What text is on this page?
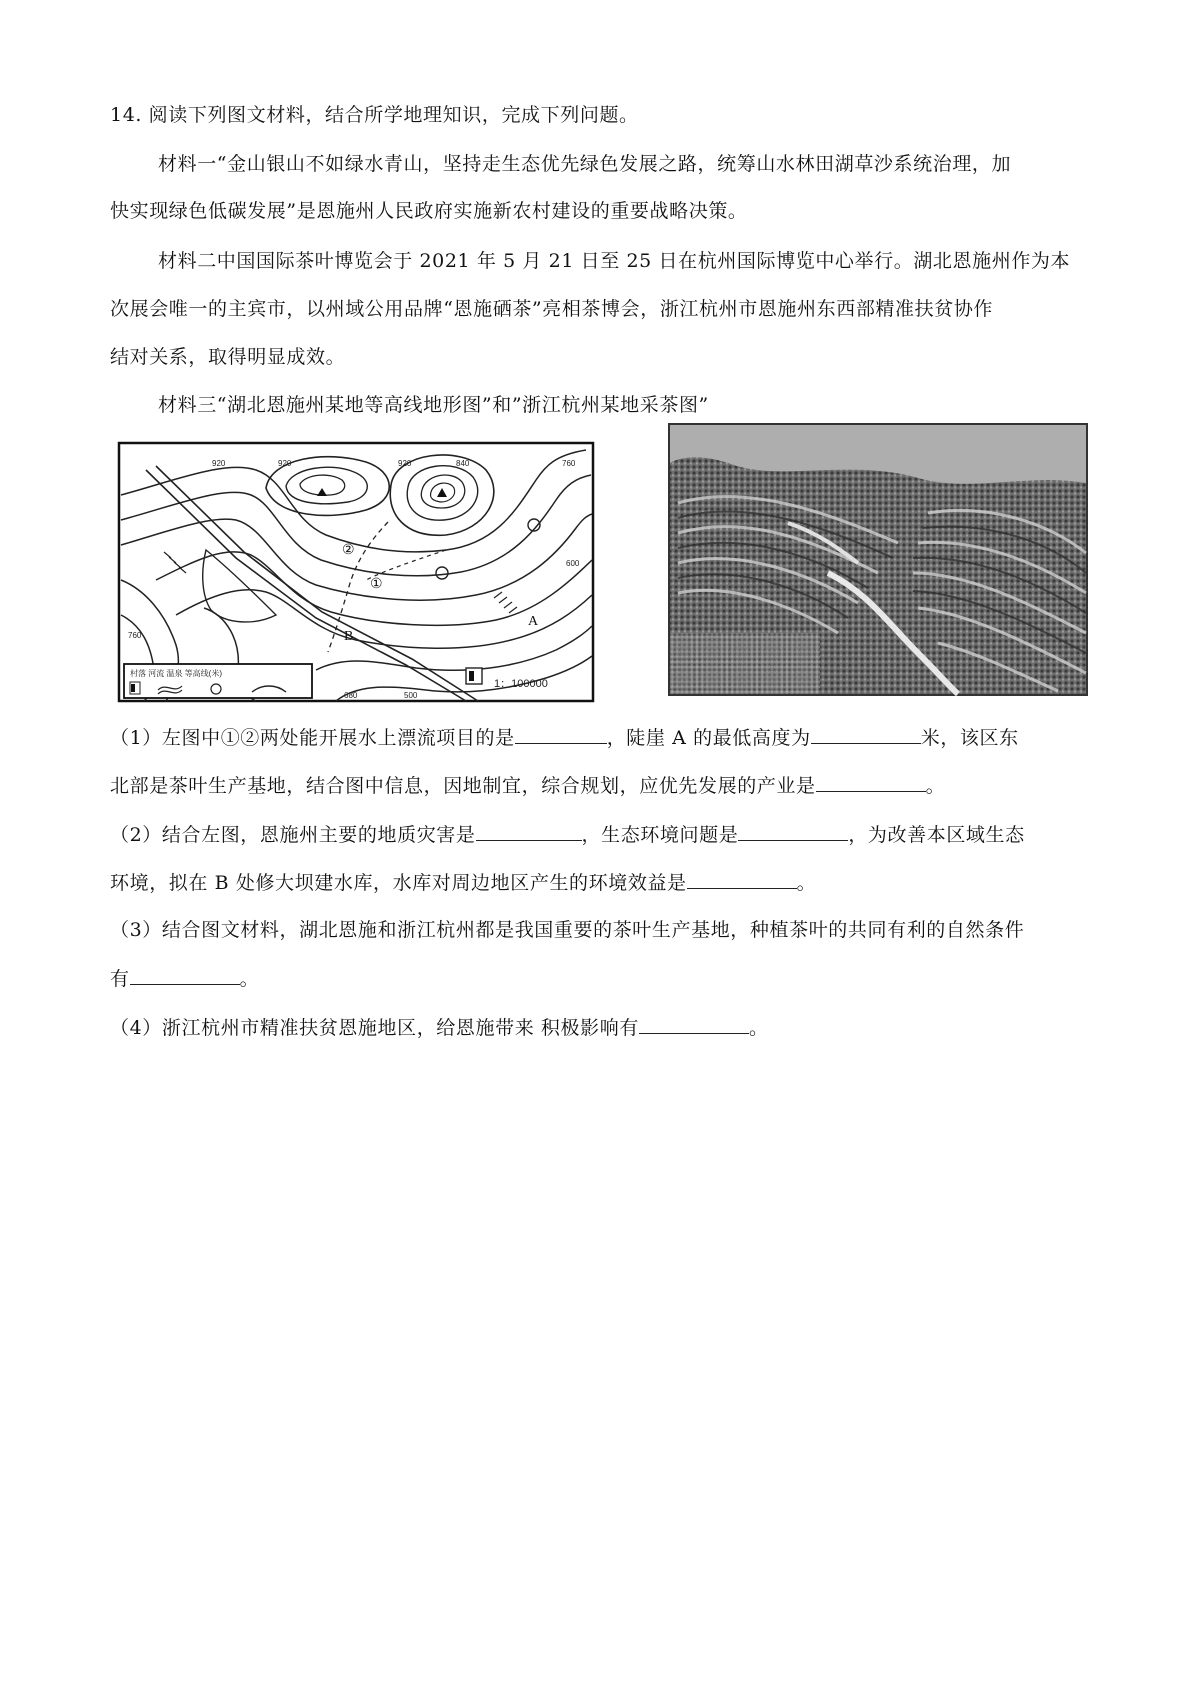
14. 阅读下列图文材料，结合所学地理知识，完成下列问题。
材料一“金山银山不如绿水青山，坚持走生态优先绿色发展之路，统筹山水林田湖草沙系统治理，加
快实现绿色低碳发展”是恩施州人民政府实施新农村建设的重要战略决策。
材料二中国国际茶叶博览会于 2021 年 5 月 21 日至 25 日在杭州国际博览中心举行。湖北恩施州作为本
次展会唯一的主宾市，以州域公用品牌“恩施硒茶”亮相茶博会，浙江杭州市恩施州东西部精准扶贫协作
结对关系，取得明显成效。
材料三“湖北恩施州某地等高线地形图”和”浙江杭州某地采茶图”
920	920	920	840	760
600
760
680	500
A
B
①
②
村落 河流 温泉 等高线(米)
1：100000
（1）左图中①②两处能开展水上漂流项目的是	，陡崖 A 的最低高度为	米，该区东
北部是茶叶生产基地，结合图中信息，因地制宜，综合规划，应优先发展的产业是	。
（2）结合左图，恩施州主要的地质灾害是	，生态环境问题是	，为改善本区域生态
环境，拟在 B 处修大坝建水库，水库对周边地区产生的环境效益是	。
（3）结合图文材料，湖北恩施和浙江杭州都是我国重要的茶叶生产基地，种植茶叶的共同有利的自然条件
有	。
（4）浙江杭州市精准扶贫恩施地区，给恩施带来 积极影响有	。
